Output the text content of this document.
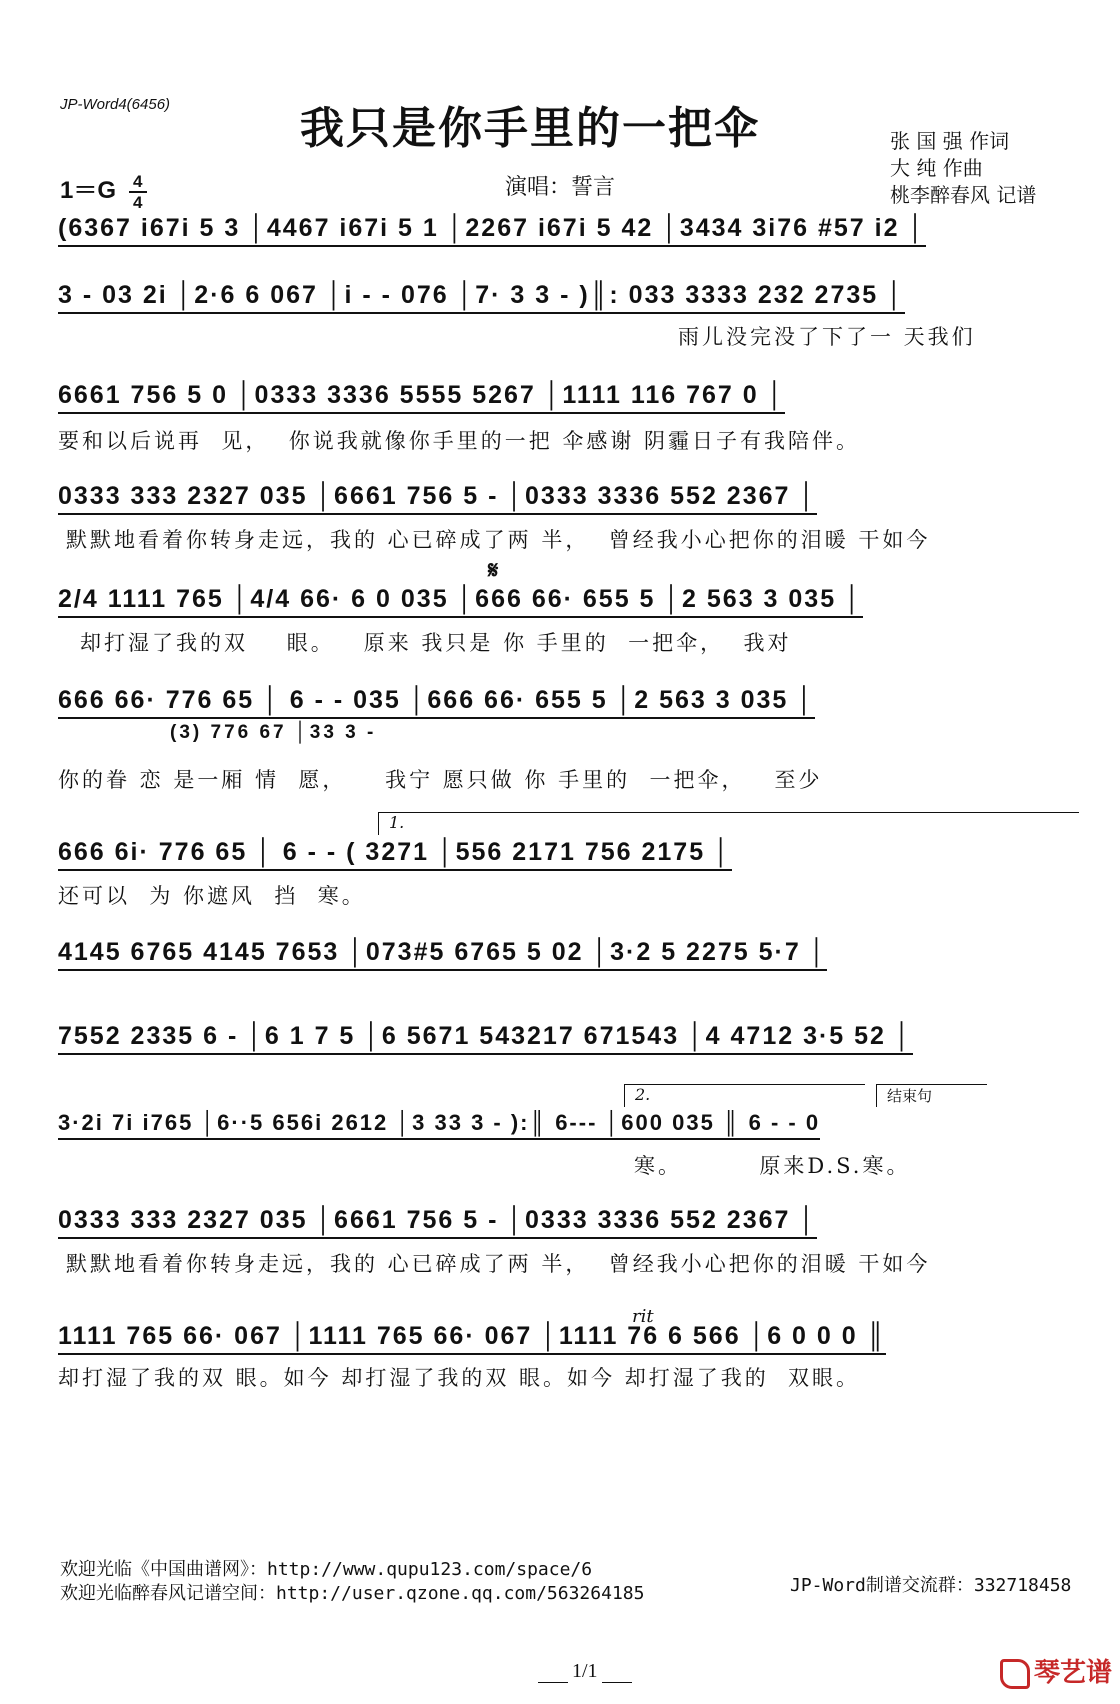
JP-Word4(6456)	我只是你手里的一把伞	张 国 强 作词
大 纯 作曲
桃李醉春风 记谱
$1=G \frac{4}{4}$	演唱：誓言
(6367 i67i 5 3 │4467 i67i 5 1 │2267 i67i 5 42 │3434 3i76 #57 i2 │
3 - 03 2i │2·6 6 067 │i - - 076 │7· 3 3 - )║: 033 3333 232 2735 │
雨儿没完没了下了一 天我们
6661 756 5 0 │0333 3336 5555 5267 │1111 116 767 0 │
要和以后说再  见，  你说我就像你手里的一把 伞感谢 阴霾日子有我陪伴。
0333 333 2327 035 │6661 756 5 - │0333 3336 552 2367 │
默默地看着你转身走远，我的 心已碎成了两 半，  曾经我小心把你的泪暖 干如今
𝄋
2/4 1111 765 │4/4 66· 6 0 035 │666 66· 655 5 │2 563 3 035 │
却打湿了我的双    眼。   原来 我只是 你 手里的  一把伞，  我对
666 66· 776 65 │ 6 - - 035 │666 66· 655 5 │2 563 3 035 │
(3) 776 67 │33 3 -
你的眷 恋 是一厢 情  愿，    我宁 愿只做 你 手里的  一把伞，   至少
1.
666 6i· 776 65 │ 6 - - ( 3271 │556 2171 756 2175 │
还可以  为 你遮风  挡  寒。
4145 6765 4145 7653 │073#5 6765 5 02 │3·2 5 2275 5·7 │
7552 2335 6 - │6 1 7 5 │6 5671 543217 671543 │4 4712 3·5 52 │
2.	结束句
3·2i 7i i765 │6··5 656i 2612 │3 33 3 - ):║ 6--- │600 035 ║ 6 - - 0
寒。        原来D.S.寒。
0333 333 2327 035 │6661 756 5 - │0333 3336 552 2367 │
默默地看着你转身走远，我的 心已碎成了两 半，  曾经我小心把你的泪暖 干如今
rit
1111 765 66· 067 │1111 765 66· 067 │1111 76 6 566 │6 0 0 0 ║
却打湿了我的双 眼。如今 却打湿了我的双 眼。如今 却打湿了我的  双眼。
欢迎光临《中国曲谱网》：http://www.qupu123.com/space/6
欢迎光临醉春风记谱空间：http://user.qzone.qq.com/563264185	JP-Word制谱交流群：332718458
1/1	琴艺谱
